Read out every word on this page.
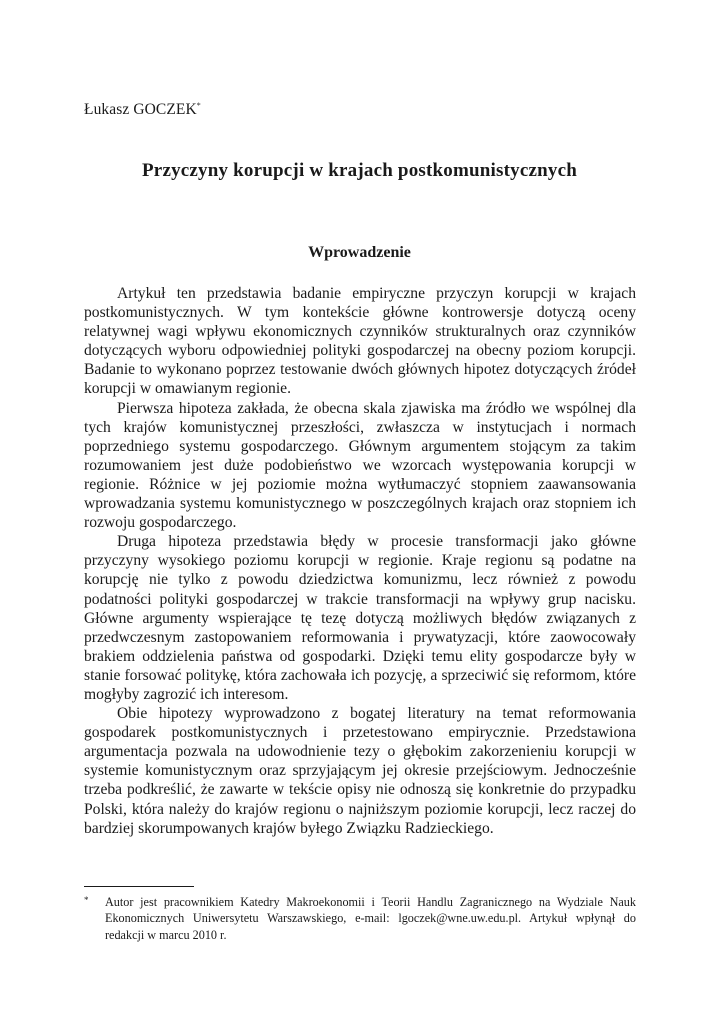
Łukasz GOCZEK*
Przyczyny korupcji w krajach postkomunistycznych
Wprowadzenie

Artykuł ten przedstawia badanie empiryczne przyczyn korupcji w krajach postkomunistycznych. W tym kontekście główne kontrowersje dotyczą oceny relatywnej wagi wpływu ekonomicznych czynników strukturalnych oraz czynników dotyczących wyboru odpowiedniej polityki gospodarczej na obecny poziom korupcji. Badanie to wykonano poprzez testowanie dwóch głównych hipotez dotyczących źródeł korupcji w omawianym regionie.

Pierwsza hipoteza zakłada, że obecna skala zjawiska ma źródło we wspólnej dla tych krajów komunistycznej przeszłości, zwłaszcza w instytucjach i normach poprzedniego systemu gospodarczego. Głównym argumentem stojącym za takim rozumowaniem jest duże podobieństwo we wzorcach występowania korupcji w regionie. Różnice w jej poziomie można wytłumaczyć stopniem zaawansowania wprowadzania systemu komunistycznego w poszczególnych krajach oraz stopniem ich rozwoju gospodarczego.

Druga hipoteza przedstawia błędy w procesie transformacji jako główne przyczyny wysokiego poziomu korupcji w regionie. Kraje regionu są podatne na korupcję nie tylko z powodu dziedzictwa komunizmu, lecz również z powodu podatności polityki gospodarczej w trakcie transformacji na wpływy grup nacisku. Główne argumenty wspierające tę tezę dotyczą możliwych błędów związanych z przedwczesnym zastopowaniem reformowania i prywatyzacji, które zaowocowały brakiem oddzielenia państwa od gospodarki. Dzięki temu elity gospodarcze były w stanie forsować politykę, która zachowała ich pozycję, a sprzeciwić się reformom, które mogłyby zagrozić ich interesom.

Obie hipotezy wyprowadzono z bogatej literatury na temat reformowania gospodarek postkomunistycznych i przetestowano empirycznie. Przedstawiona argumentacja pozwala na udowodnienie tezy o głębokim zakorzenieniu korupcji w systemie komunistycznym oraz sprzyjającym jej okresie przejściowym. Jednocześnie trzeba podkreślić, że zawarte w tekście opisy nie odnoszą się konkretnie do przypadku Polski, która należy do krajów regionu o najniższym poziomie korupcji, lecz raczej do bardziej skorumpowanych krajów byłego Związku Radzieckiego.

* Autor jest pracownikiem Katedry Makroekonomii i Teorii Handlu Zagranicznego na Wydziale Nauk Ekonomicznych Uniwersytetu Warszawskiego, e-mail: lgoczek@wne.uw.edu.pl. Artykuł wpłynął do redakcji w marcu 2010 r.
